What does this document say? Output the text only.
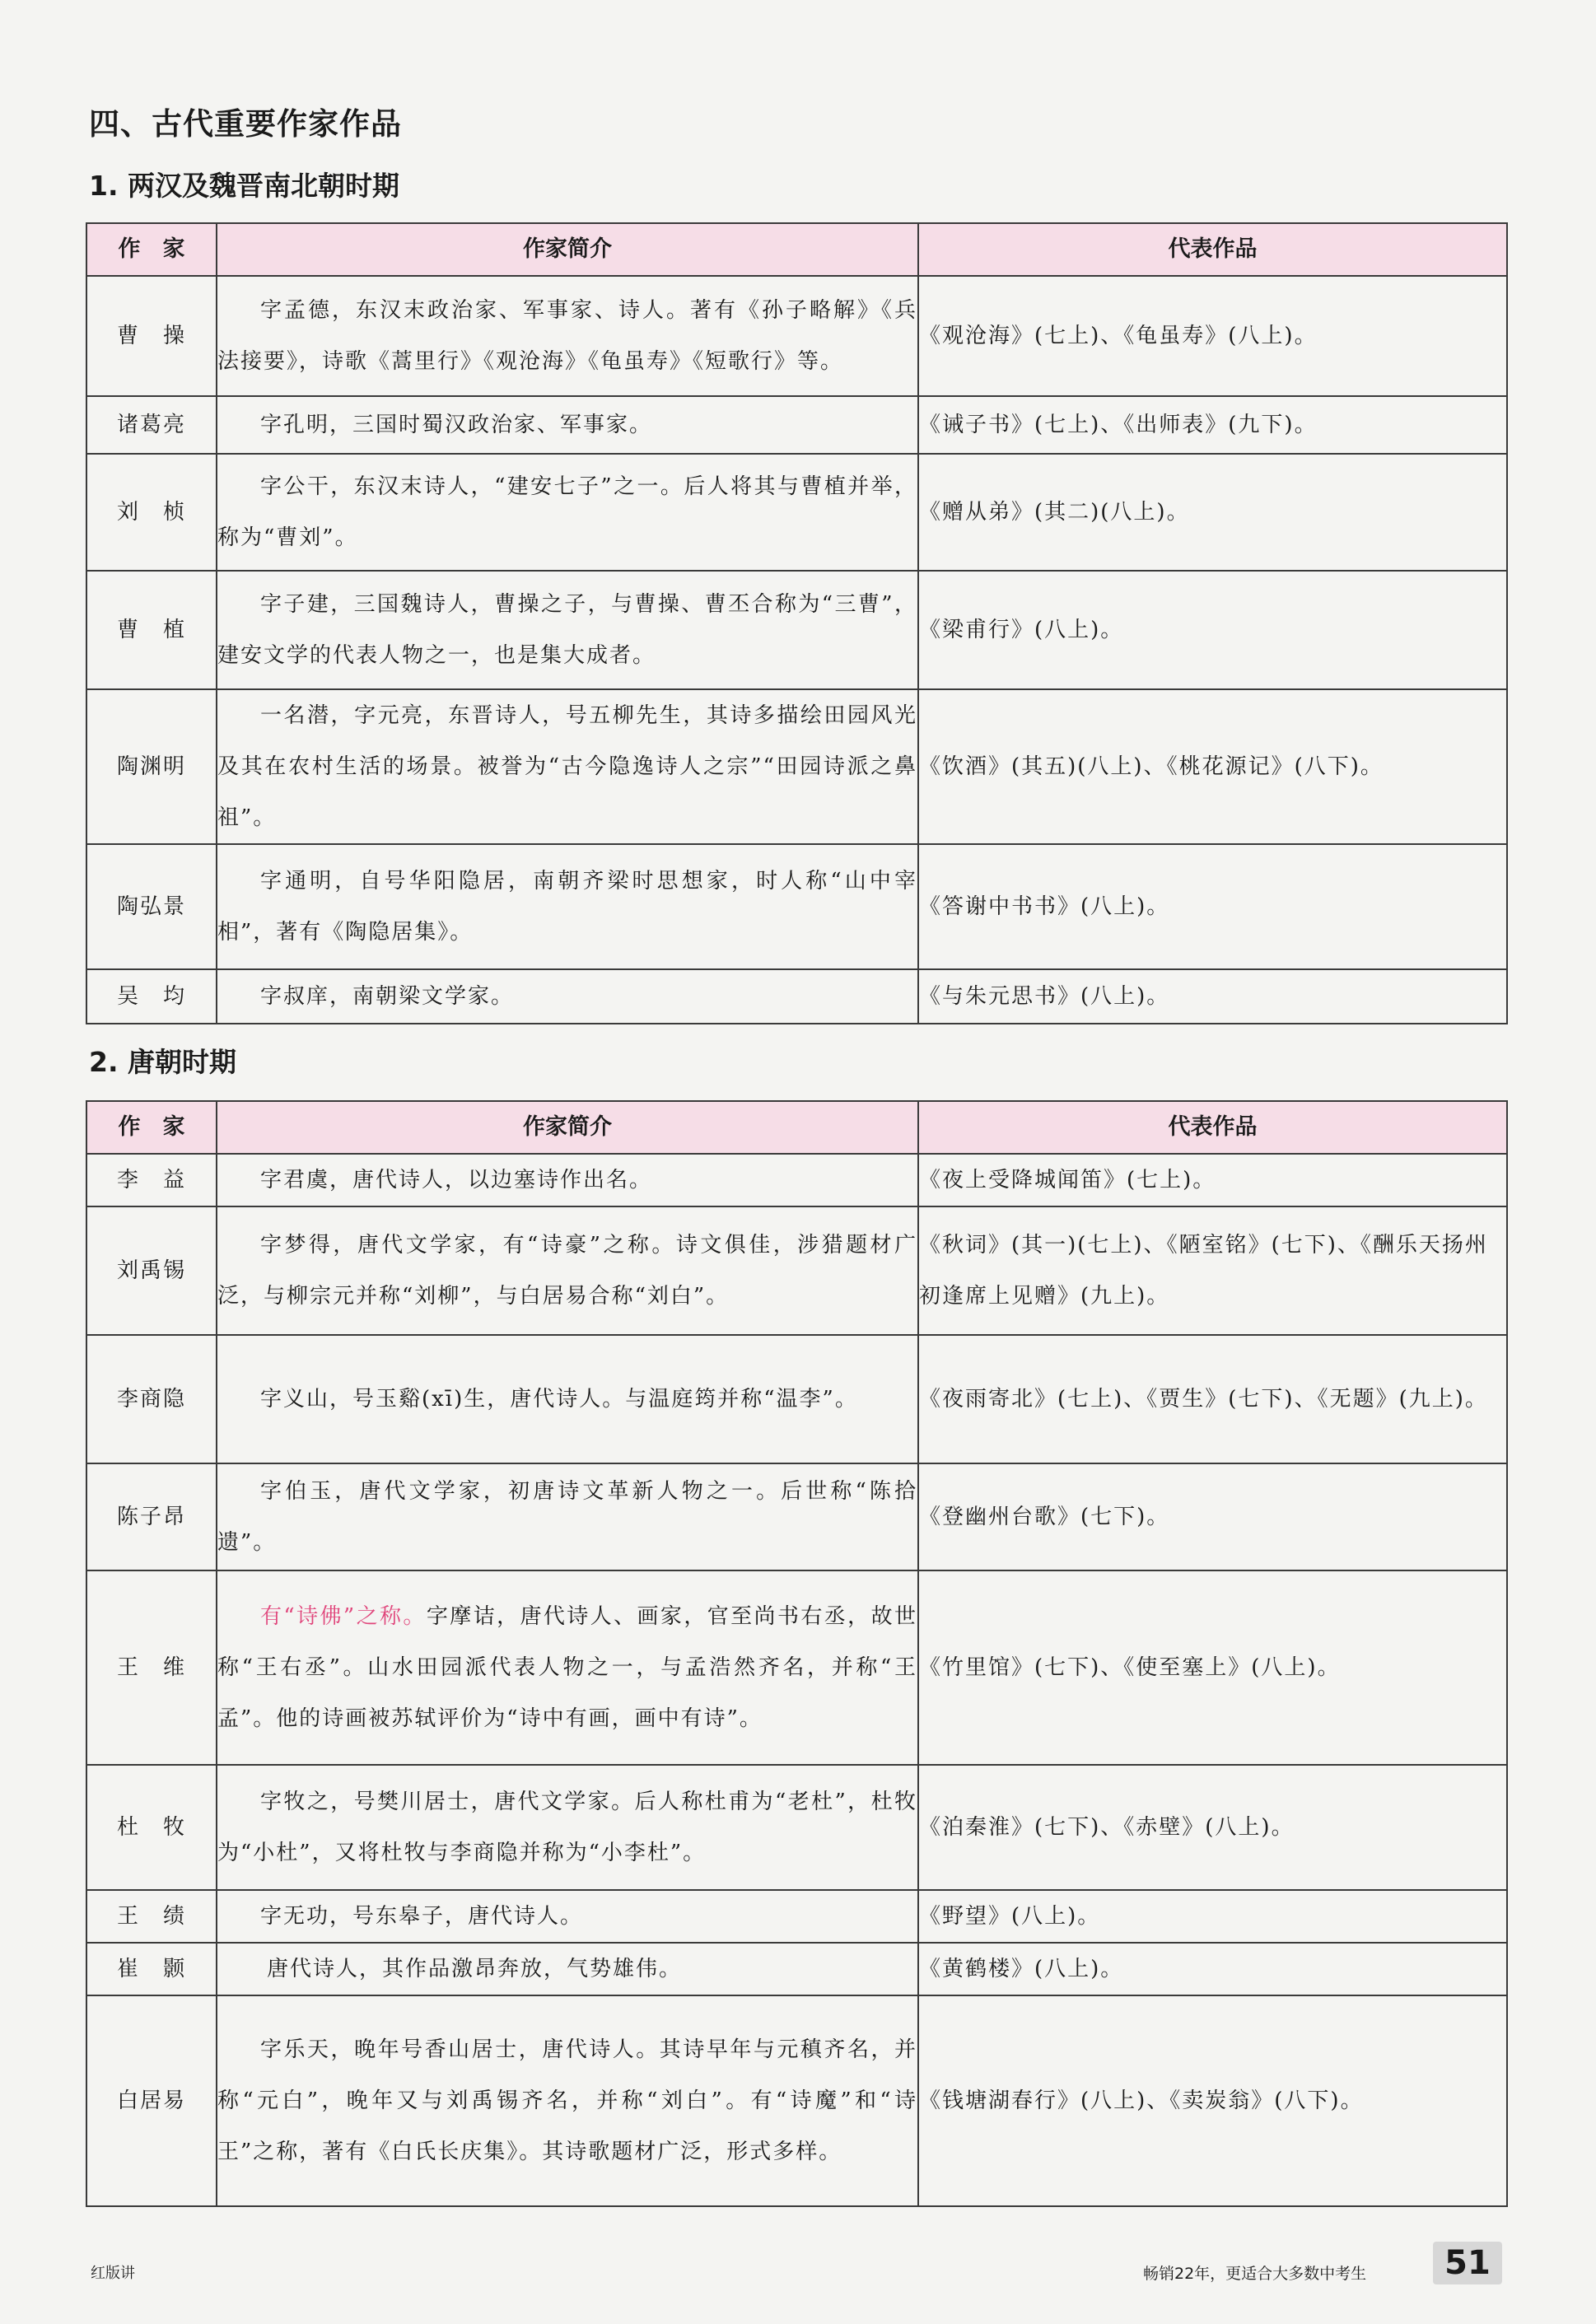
四、古代重要作家作品
1. 两汉及魏晋南北朝时期
作　家	作家简介	代表作品
曹　操	字孟德，东汉末政治家、军事家、诗人。著有《孙子略解》《兵法接要》，诗歌《蒿里行》《观沧海》《龟虽寿》《短歌行》等。	《观沧海》(七上)、《龟虽寿》(八上)。
诸葛亮	字孔明，三国时蜀汉政治家、军事家。	《诫子书》(七上)、《出师表》(九下)。
刘　桢	字公干，东汉末诗人，“建安七子”之一。后人将其与曹植并举，称为“曹刘”。	《赠从弟》(其二)(八上)。
曹　植	字子建，三国魏诗人，曹操之子，与曹操、曹丕合称为“三曹”，建安文学的代表人物之一，也是集大成者。	《梁甫行》(八上)。
陶渊明	一名潜，字元亮，东晋诗人，号五柳先生，其诗多描绘田园风光及其在农村生活的场景。被誉为“古今隐逸诗人之宗”“田园诗派之鼻祖”。	《饮酒》(其五)(八上)、《桃花源记》(八下)。
陶弘景	字通明，自号华阳隐居，南朝齐梁时思想家，时人称“山中宰相”，著有《陶隐居集》。	《答谢中书书》(八上)。
吴　均	字叔庠，南朝梁文学家。	《与朱元思书》(八上)。
2. 唐朝时期
作　家	作家简介	代表作品
李　益	字君虞，唐代诗人，以边塞诗作出名。	《夜上受降城闻笛》(七上)。
刘禹锡	字梦得，唐代文学家，有“诗豪”之称。诗文俱佳，涉猎题材广泛，与柳宗元并称“刘柳”，与白居易合称“刘白”。	《秋词》(其一)(七上)、《陋室铭》(七下)、《酬乐天扬州初逢席上见赠》(九上)。
李商隐	字义山，号玉谿(xī)生，唐代诗人。与温庭筠并称“温李”。	《夜雨寄北》(七上)、《贾生》(七下)、《无题》(九上)。
陈子昂	字伯玉，唐代文学家，初唐诗文革新人物之一。后世称“陈拾遗”。	《登幽州台歌》(七下)。
王　维	有“诗佛”之称。字摩诘，唐代诗人、画家，官至尚书右丞，故世称“王右丞”。山水田园派代表人物之一，与孟浩然齐名，并称“王孟”。他的诗画被苏轼评价为“诗中有画，画中有诗”。	《竹里馆》(七下)、《使至塞上》(八上)。
杜　牧	字牧之，号樊川居士，唐代文学家。后人称杜甫为“老杜”，杜牧为“小杜”，又将杜牧与李商隐并称为“小李杜”。	《泊秦淮》(七下)、《赤壁》(八上)。
王　绩	字无功，号东皋子，唐代诗人。	《野望》(八上)。
崔　颢	唐代诗人，其作品激昂奔放，气势雄伟。	《黄鹤楼》(八上)。
白居易	字乐天，晚年号香山居士，唐代诗人。其诗早年与元稹齐名，并称“元白”，晚年又与刘禹锡齐名，并称“刘白”。有“诗魔”和“诗王”之称，著有《白氏长庆集》。其诗歌题材广泛，形式多样。	《钱塘湖春行》(八上)、《卖炭翁》(八下)。
红版讲	畅销22年，更适合大多数中考生	51
